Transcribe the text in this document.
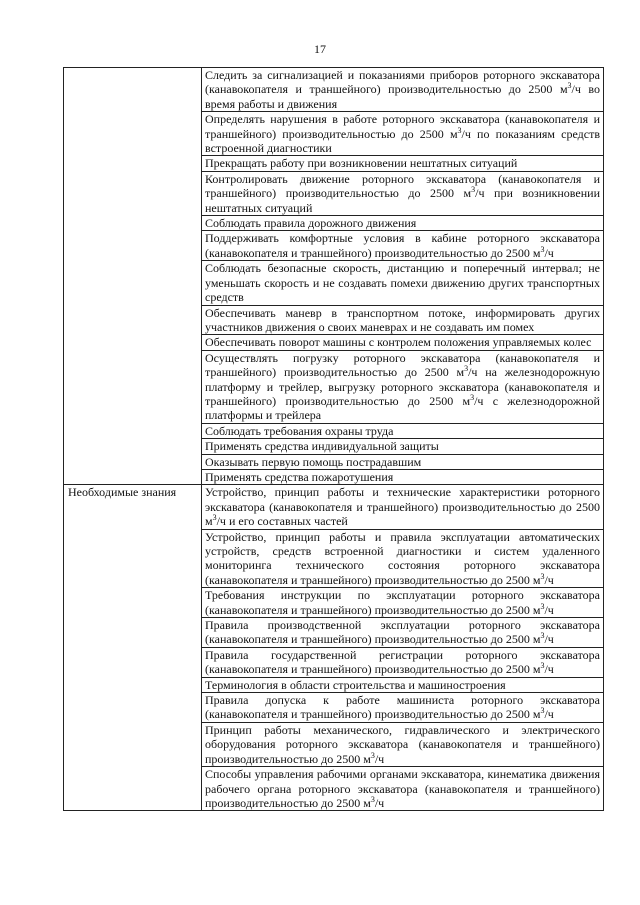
17
	Следить за сигнализацией и показаниями приборов роторного экскаватора (канавокопателя и траншейного) производительностью до 2500 $м^3/ч$ во время работы и движения
	Определять нарушения в работе роторного экскаватора (канавокопателя и траншейного) производительностью до 2500 $м^3/ч$ по показаниям средств встроенной диагностики
	Прекращать работу при возникновении нештатных ситуаций
	Контролировать движение роторного экскаватора (канавокопателя и траншейного) производительностью до 2500 $м^3/ч$ при возникновении нештатных ситуаций
	Соблюдать правила дорожного движения
	Поддерживать комфортные условия в кабине роторного экскаватора (канавокопателя и траншейного) производительностью до 2500 $м^3/ч$
	Соблюдать безопасные скорость, дистанцию и поперечный интервал; не уменьшать скорость и не создавать помехи движению других транспортных средств
	Обеспечивать маневр в транспортном потоке, информировать других участников движения о своих маневрах и не создавать им помех
	Обеспечивать поворот машины с контролем положения управляемых колес
	Осуществлять погрузку роторного экскаватора (канавокопателя и траншейного) производительностью до 2500 $м^3/ч$ на железнодорожную платформу и трейлер, выгрузку роторного экскаватора (канавокопателя и траншейного) производительностью до 2500 $м^3/ч$ с железнодорожной платформы и трейлера
	Соблюдать требования охраны труда
	Применять средства индивидуальной защиты
	Оказывать первую помощь пострадавшим
	Применять средства пожаротушения
Необходимые знания	Устройство, принцип работы и технические характеристики роторного экскаватора (канавокопателя и траншейного) производительностью до 2500 $м^3/ч$ и его составных частей
	Устройство, принцип работы и правила эксплуатации автоматических устройств, средств встроенной диагностики и систем удаленного мониторинга технического состояния роторного экскаватора (канавокопателя и траншейного) производительностью до 2500 $м^3/ч$
	Требования инструкции по эксплуатации роторного экскаватора (канавокопателя и траншейного) производительностью до 2500 $м^3/ч$
	Правила производственной эксплуатации роторного экскаватора (канавокопателя и траншейного) производительностью до 2500 $м^3/ч$
	Правила государственной регистрации роторного экскаватора (канавокопателя и траншейного) производительностью до 2500 $м^3/ч$
	Терминология в области строительства и машиностроения
	Правила допуска к работе машиниста роторного экскаватора (канавокопателя и траншейного) производительностью до 2500 $м^3/ч$
	Принцип работы механического, гидравлического и электрического оборудования роторного экскаватора (канавокопателя и траншейного) производительностью до 2500 $м^3/ч$
	Способы управления рабочими органами экскаватора, кинематика движения рабочего органа роторного экскаватора (канавокопателя и траншейного) производительностью до 2500 $м^3/ч$
